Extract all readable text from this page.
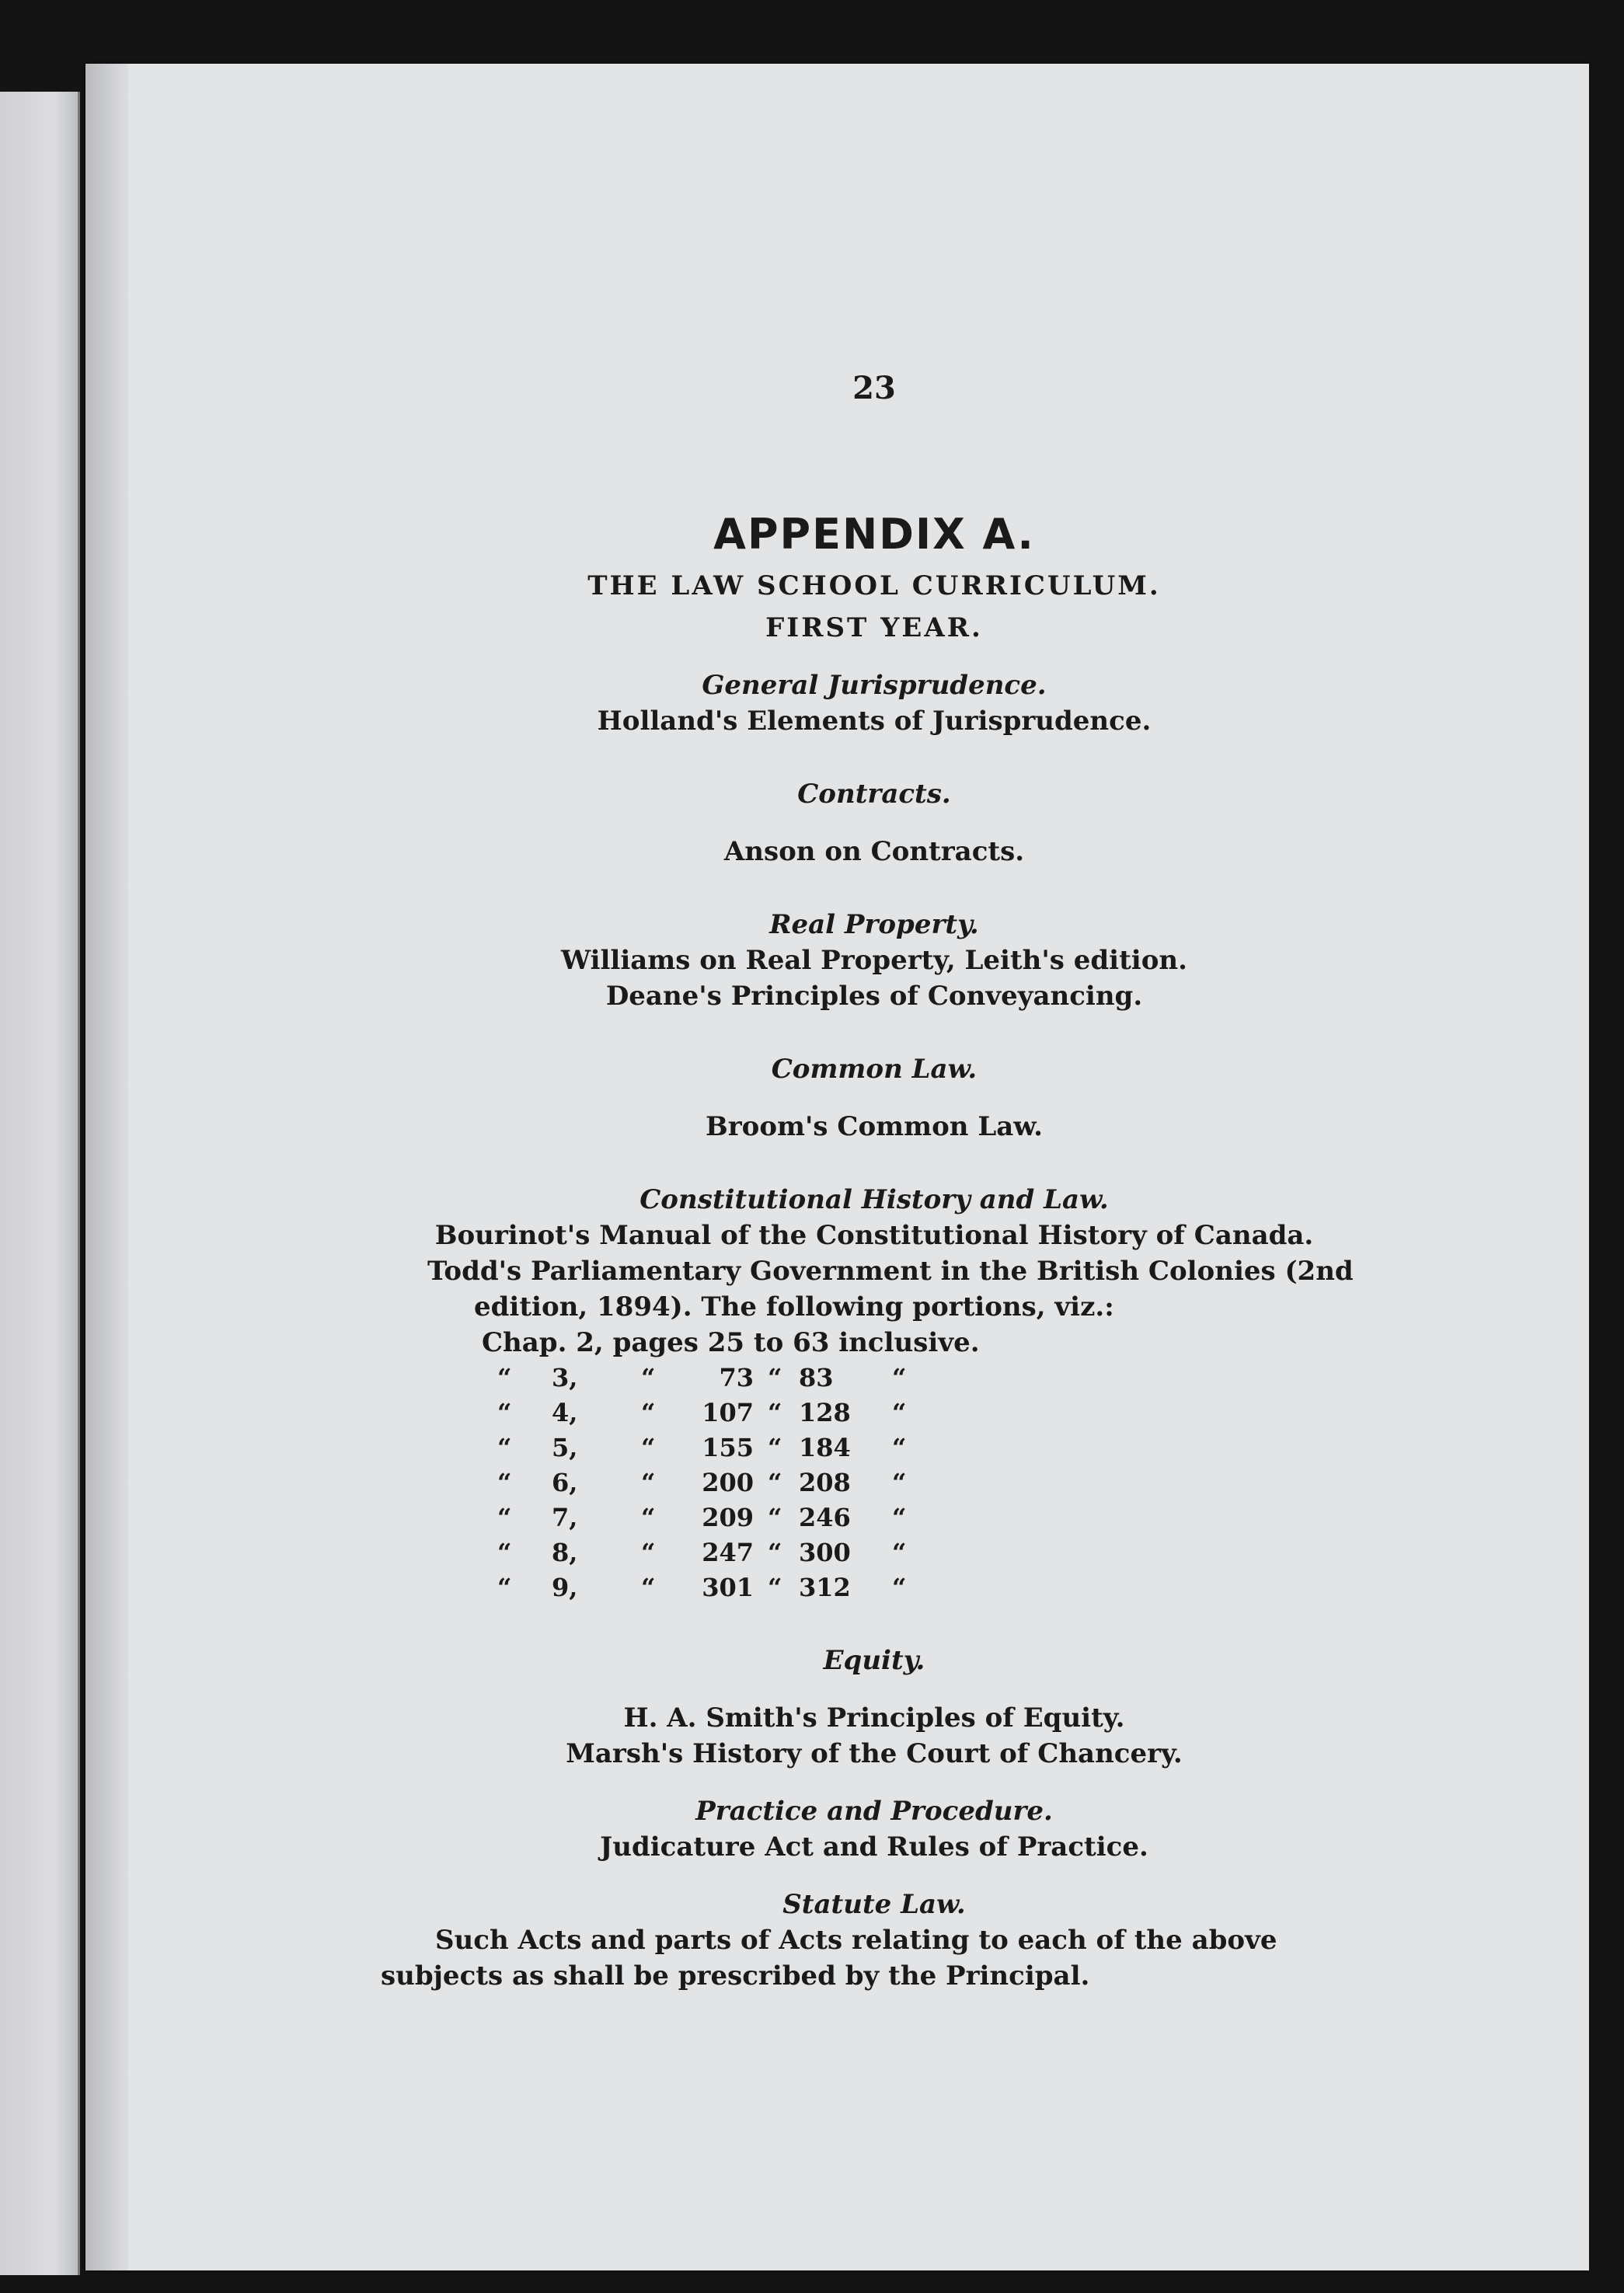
23
APPENDIX A.
THE LAW SCHOOL CURRICULUM.
FIRST YEAR.
General Jurisprudence.
Holland's Elements of Jurisprudence.
Contracts.
Anson on Contracts.
Real Property.
Williams on Real Property, Leith's edition.
Deane's Principles of Conveyancing.
Common Law.
Broom's Common Law.
Constitutional History and Law.
Bourinot's Manual of the Constitutional History of Canada.
Todd's Parliamentary Government in the British Colonies (2nd edition, 1894). The following portions, viz.:
Chap. 2, pages 25 to 63 inclusive.
“	3,	“	73 “ 83	“
“	4,	“	107 “ 128	“
“	5,	“	155 “ 184	“
“	6,	“	200 “ 208	“
“	7,	“	209 “ 246	“
“	8,	“	247 “ 300	“
“	9,	“	301 “ 312	“
Equity.
H. A. Smith's Principles of Equity.
Marsh's History of the Court of Chancery.
Practice and Procedure.
Judicature Act and Rules of Practice.
Statute Law.
Such Acts and parts of Acts relating to each of the above subjects as shall be prescribed by the Principal.
